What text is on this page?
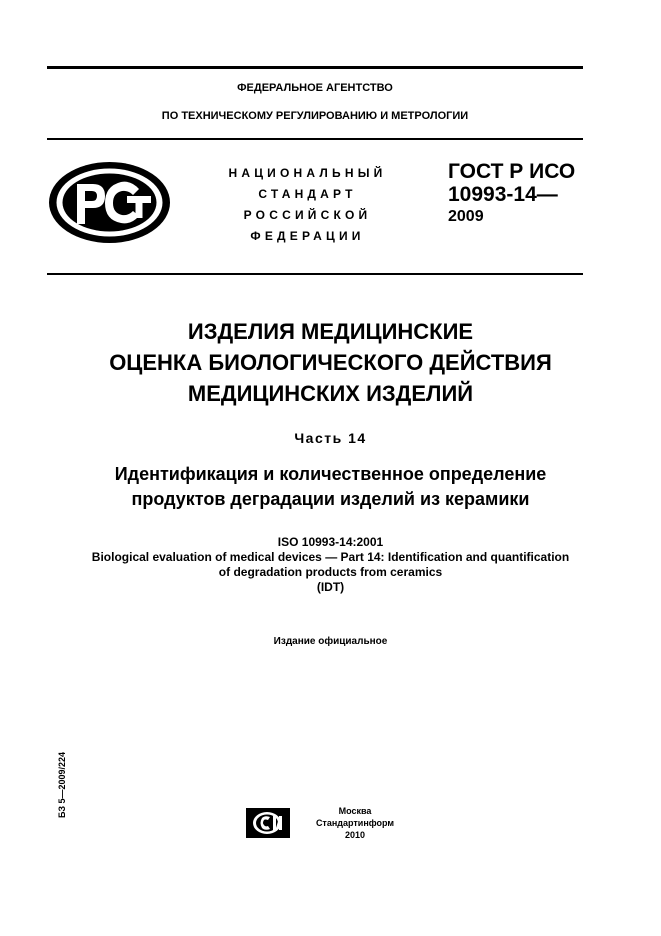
ФЕДЕРАЛЬНОЕ АГЕНТСТВО
ПО ТЕХНИЧЕСКОМУ РЕГУЛИРОВАНИЮ И МЕТРОЛОГИИ
НАЦИОНАЛЬНЫЙ
СТАНДАРТ
РОССИЙСКОЙ
ФЕДЕРАЦИИ
ГОСТ Р ИСО
10993-14—
2009
ИЗДЕЛИЯ МЕДИЦИНСКИЕ
ОЦЕНКА БИОЛОГИЧЕСКОГО ДЕЙСТВИЯ
МЕДИЦИНСКИХ ИЗДЕЛИЙ
Часть 14
Идентификация и количественное определение
продуктов деградации изделий из керамики
ISO 10993-14:2001
Biological evaluation of medical devices — Part 14: Identification and quantification
of degradation products from ceramics
(IDT)
Издание официальное
БЗ 5—2009/224	Москва
Стандартинформ
2010
